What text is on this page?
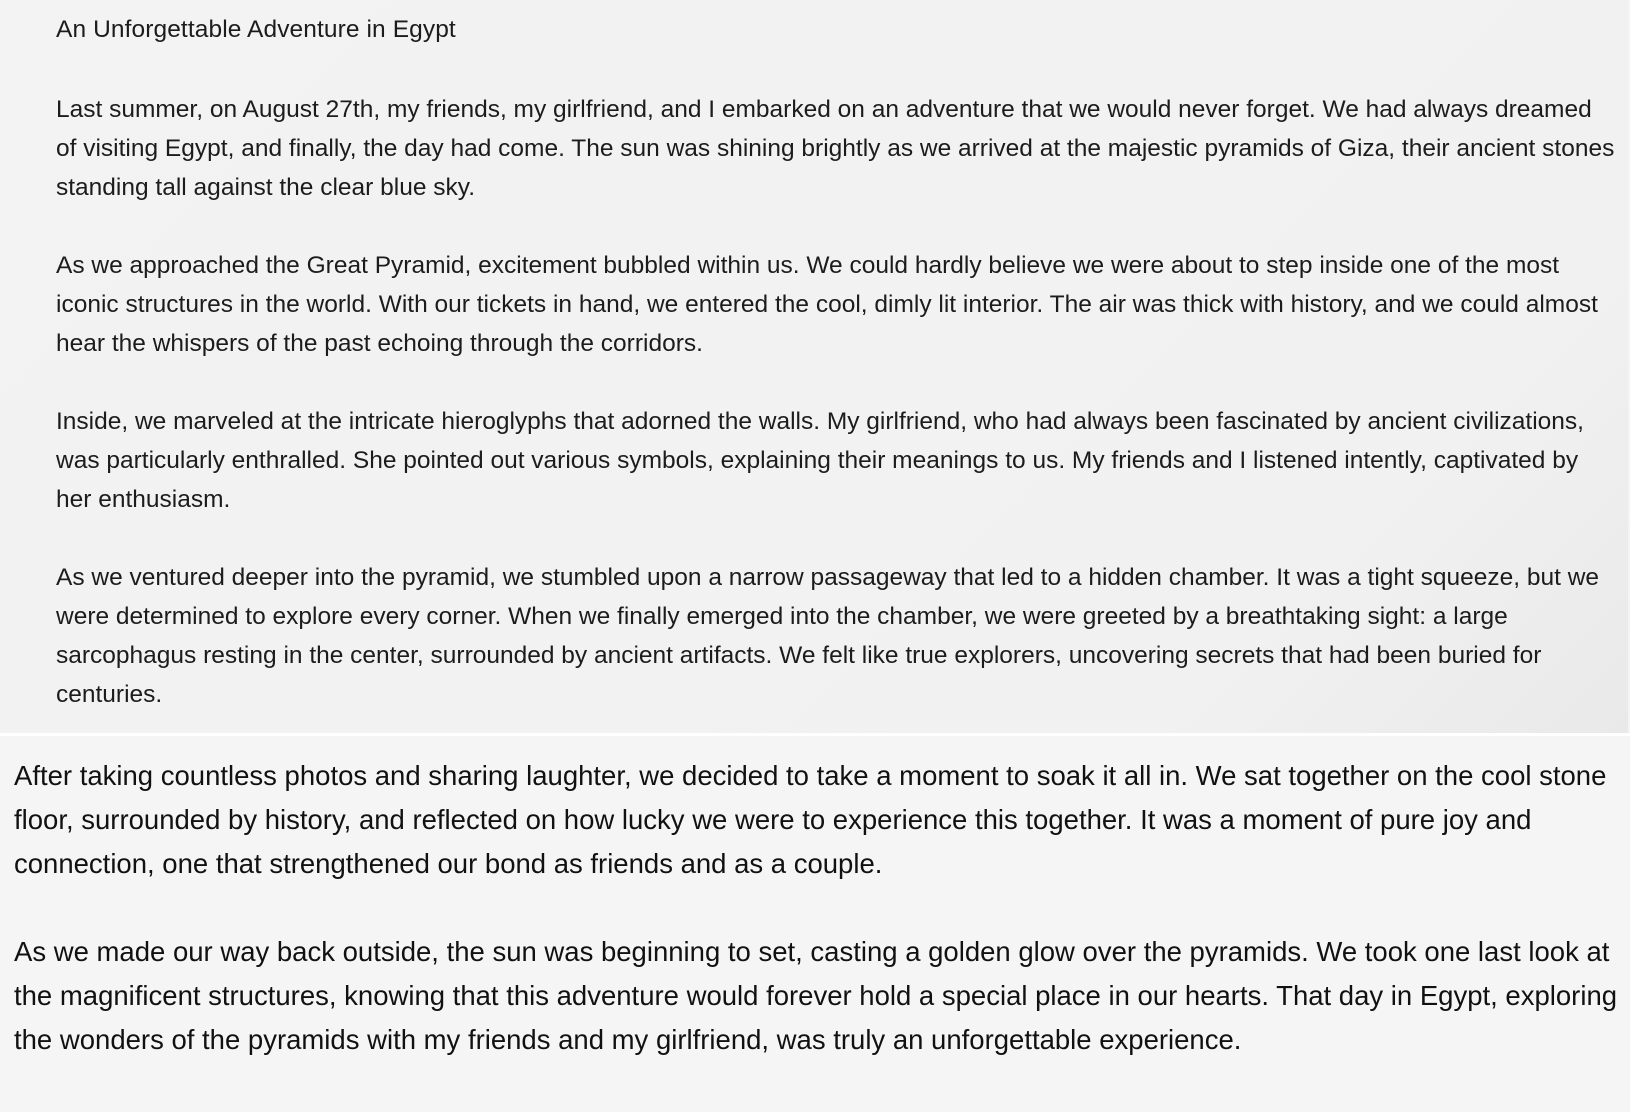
An Unforgettable Adventure in Egypt

Last summer, on August 27th, my friends, my girlfriend, and I embarked on an adventure that we would never forget. We had always dreamed of visiting Egypt, and finally, the day had come. The sun was shining brightly as we arrived at the majestic pyramids of Giza, their ancient stones standing tall against the clear blue sky.

As we approached the Great Pyramid, excitement bubbled within us. We could hardly believe we were about to step inside one of the most iconic structures in the world. With our tickets in hand, we entered the cool, dimly lit interior. The air was thick with history, and we could almost hear the whispers of the past echoing through the corridors.

Inside, we marveled at the intricate hieroglyphs that adorned the walls. My girlfriend, who had always been fascinated by ancient civilizations, was particularly enthralled. She pointed out various symbols, explaining their meanings to us. My friends and I listened intently, captivated by her enthusiasm.

As we ventured deeper into the pyramid, we stumbled upon a narrow passageway that led to a hidden chamber. It was a tight squeeze, but we were determined to explore every corner. When we finally emerged into the chamber, we were greeted by a breathtaking sight: a large sarcophagus resting in the center, surrounded by ancient artifacts. We felt like true explorers, uncovering secrets that had been buried for centuries.

After taking countless photos and sharing laughter, we decided to take a moment to soak it all in. We sat together on the cool stone floor, surrounded by history, and reflected on how lucky we were to experience this together. It was a moment of pure joy and connection, one that strengthened our bond as friends and as a couple.

As we made our way back outside, the sun was beginning to set, casting a golden glow over the pyramids. We took one last look at the magnificent structures, knowing that this adventure would forever hold a special place in our hearts. That day in Egypt, exploring the wonders of the pyramids with my friends and my girlfriend, was truly an unforgettable experience.
